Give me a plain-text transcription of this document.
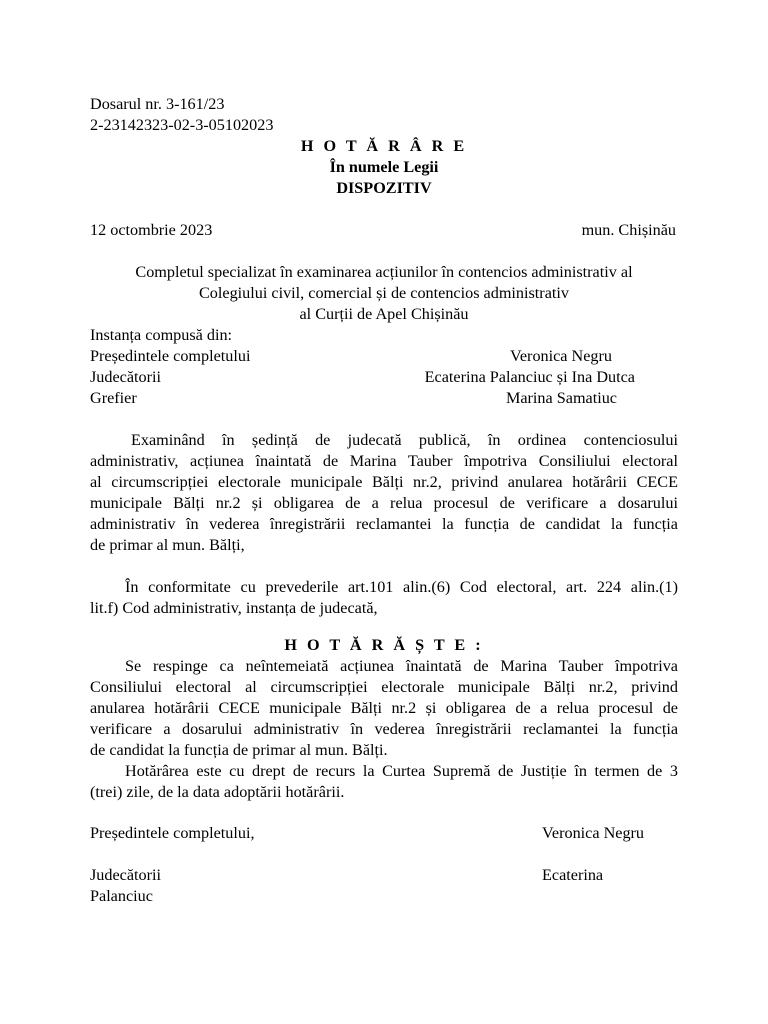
Dosarul nr. 3-161/23
2-23142323-02-3-05102023
H O T Ă R Â R E
În numele Legii
DISPOZITIV
12 octombrie 2023	mun. Chișinău
Completul specializat în examinarea acțiunilor în contencios administrativ al
Colegiului civil, comercial și de contencios administrativ
al Curții de Apel Chișinău
Instanța compusă din:
Președintele completului	Veronica Negru
Judecătorii	Ecaterina Palanciuc și Ina Dutca
Grefier	Marina Samatiuc
Examinând în ședință de judecată publică, în ordinea contenciosului
administrativ, acțiunea înaintată de Marina Tauber împotriva Consiliului electoral
al circumscripției electorale municipale Bălți nr.2, privind anularea hotărârii CECE
municipale Bălți nr.2 și obligarea de a relua procesul de verificare a dosarului
administrativ în vederea înregistrării reclamantei la funcția de candidat la funcția
de primar al mun. Bălți,
În conformitate cu prevederile art.101 alin.(6) Cod electoral, art. 224 alin.(1)
lit.f) Cod administrativ, instanța de judecată,
H O T Ă R Ă Ș T E :
Se respinge ca neîntemeiată acțiunea înaintată de Marina Tauber împotriva
Consiliului electoral al circumscripției electorale municipale Bălți nr.2, privind
anularea hotărârii CECE municipale Bălți nr.2 și obligarea de a relua procesul de
verificare a dosarului administrativ în vederea înregistrării reclamantei la funcția
de candidat la funcția de primar al mun. Bălți.
Hotărârea este cu drept de recurs la Curtea Supremă de Justiție în termen de 3
(trei) zile, de la data adoptării hotărârii.
Președintele completului,	Veronica Negru
Judecătorii	Ecaterina
Palanciuc
